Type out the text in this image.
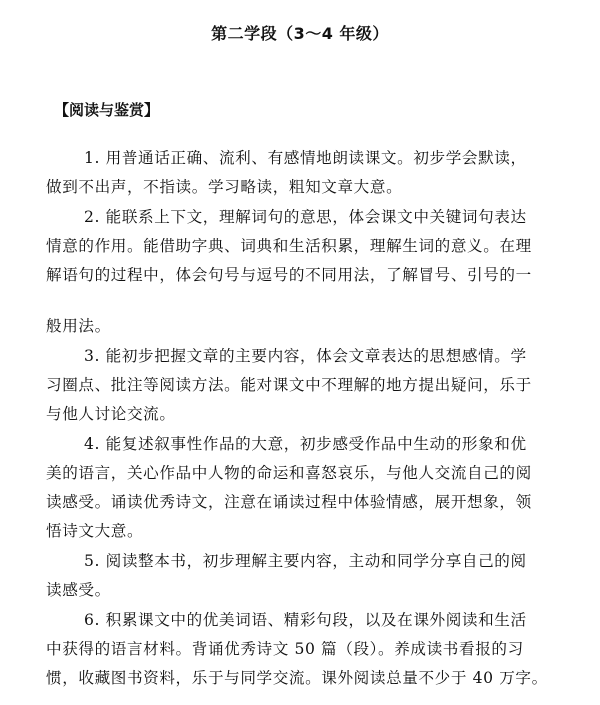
第二学段（3～4 年级）
【阅读与鉴赏】
1. 用普通话正确、流利、有感情地朗读课文。初步学会默读，
做到不出声，不指读。学习略读，粗知文章大意。
2. 能联系上下文，理解词句的意思，体会课文中关键词句表达
情意的作用。能借助字典、词典和生活积累，理解生词的意义。在理
解语句的过程中，体会句号与逗号的不同用法，了解冒号、引号的一
般用法。
3. 能初步把握文章的主要内容，体会文章表达的思想感情。学
习圈点、批注等阅读方法。能对课文中不理解的地方提出疑问，乐于
与他人讨论交流。
4. 能复述叙事性作品的大意，初步感受作品中生动的形象和优
美的语言，关心作品中人物的命运和喜怒哀乐，与他人交流自己的阅
读感受。诵读优秀诗文，注意在诵读过程中体验情感，展开想象，领
悟诗文大意。
5. 阅读整本书，初步理解主要内容，主动和同学分享自己的阅
读感受。
6. 积累课文中的优美词语、精彩句段，以及在课外阅读和生活
中获得的语言材料。背诵优秀诗文 50 篇（段）。养成读书看报的习
惯，收藏图书资料，乐于与同学交流。课外阅读总量不少于 40 万字。
